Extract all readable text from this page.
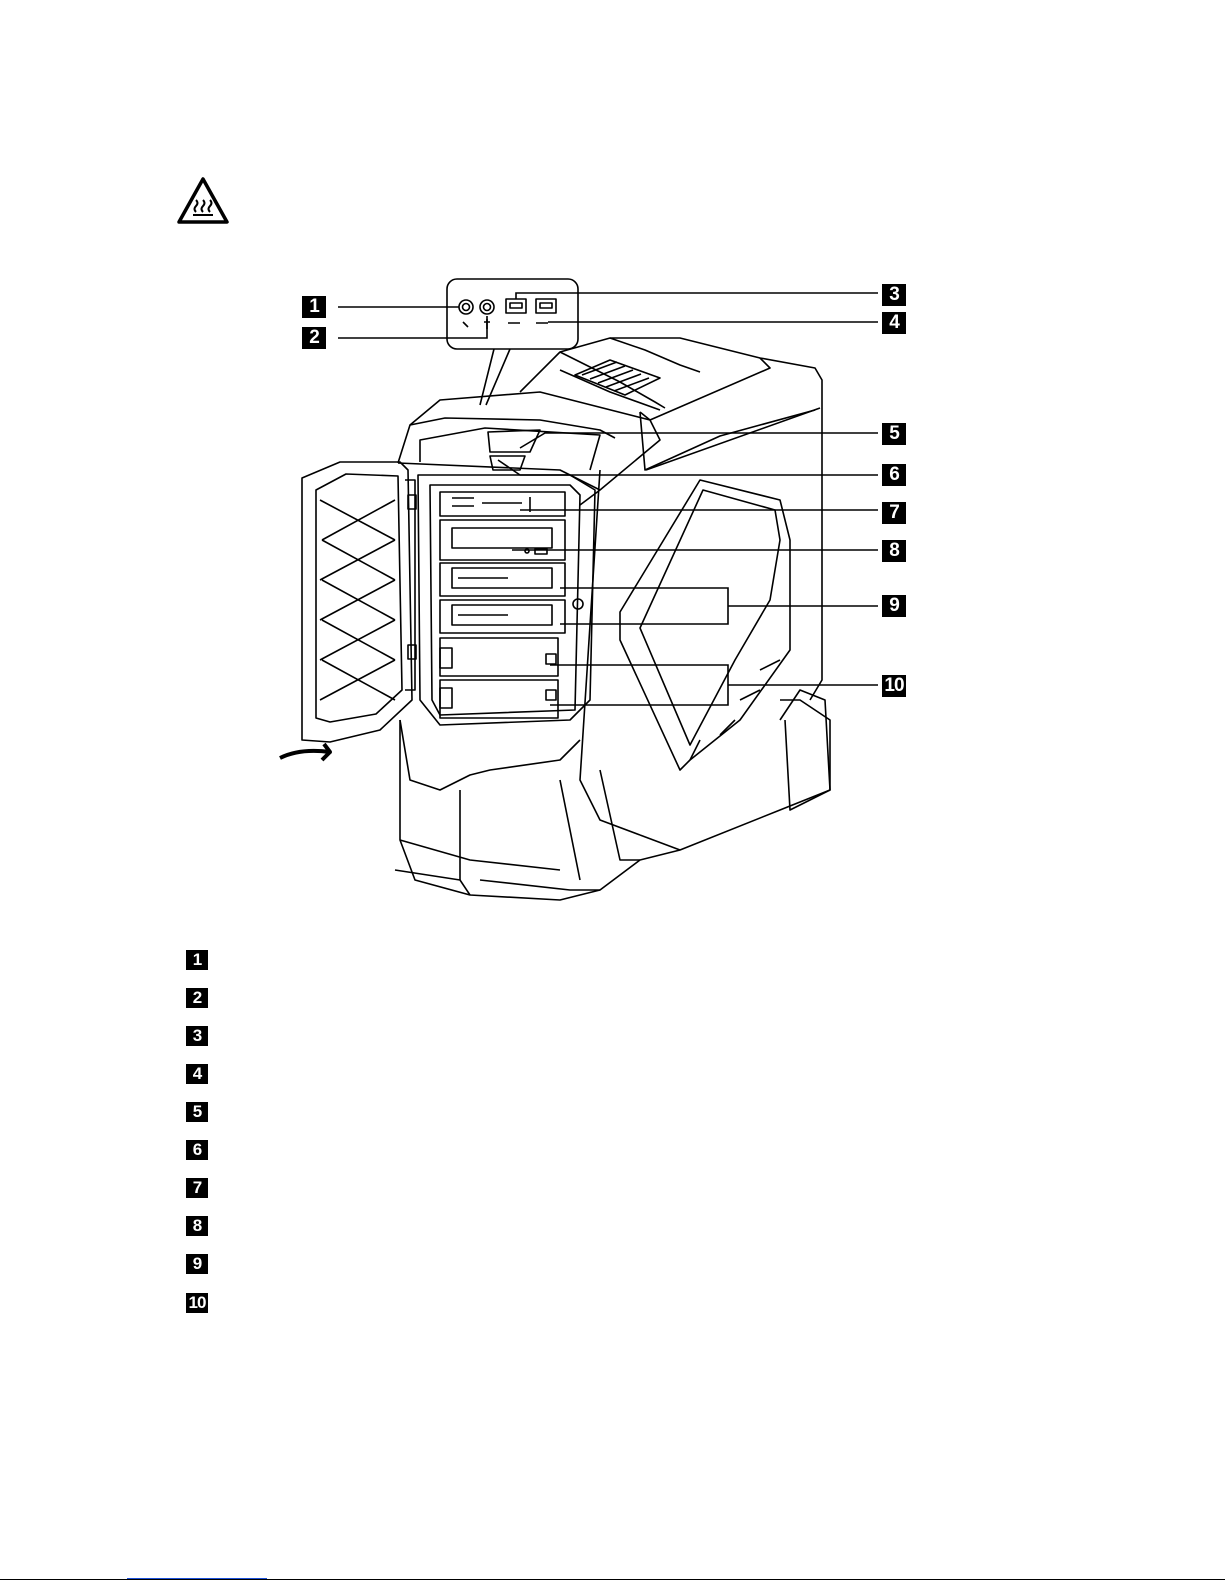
1
2
3
4
5
6
7
8
9
10
1
2
3
4
5
6
7
8
9
10
